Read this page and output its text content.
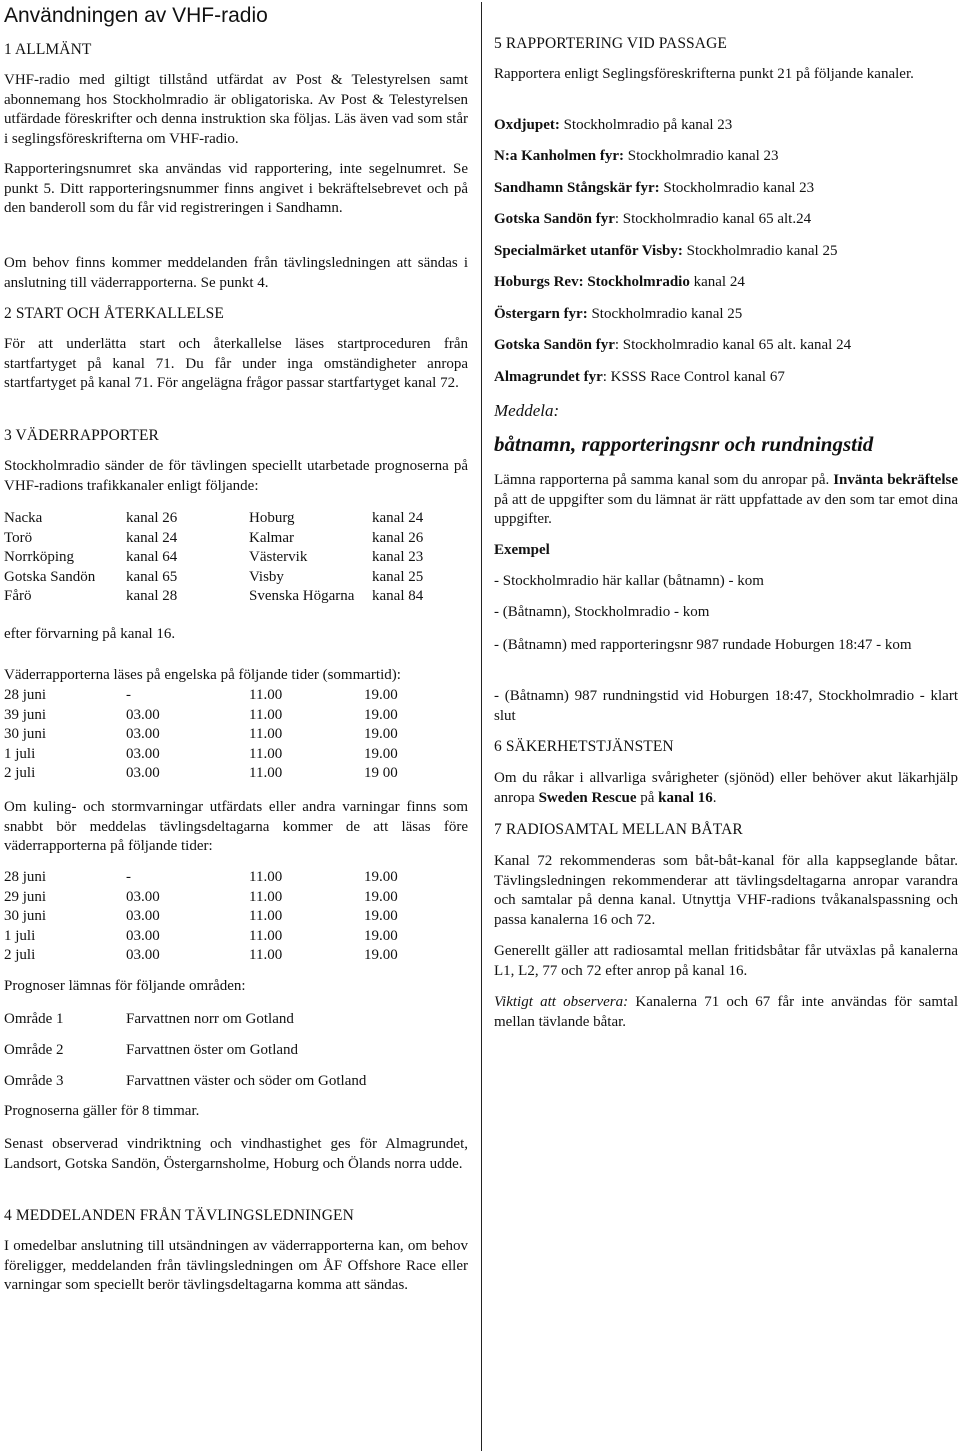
Användningen av VHF-radio
1 ALLMÄNT
VHF-radio med giltigt tillstånd utfärdat av Post & Telestyrelsen samt abonnemang hos Stockholmradio är obligatoriska. Av Post & Telestyrelsen utfärdade föreskrifter och denna instruktion ska följas. Läs även vad som står i seglingsföreskrifterna om VHF-radio.
Rapporteringsnumret ska användas vid rapportering, inte segelnumret. Se punkt 5. Ditt rapporteringsnummer finns angivet i bekräftelsebrevet och på den banderoll som du får vid registreringen i Sandhamn.
Om behov finns kommer meddelanden från tävlingsledningen att sändas i anslutning till väderrapporterna. Se punkt 4.
2 START OCH ÅTERKALLELSE
För att underlätta start och återkallelse läses startproceduren från startfartyget på kanal 71. Du får under inga omständigheter anropa startfartyget på kanal 71. För angelägna frågor passar startfartyget kanal 72.
3 VÄDERRAPPORTER
Stockholmradio sänder de för tävlingen speciellt utarbetade prognoserna på VHF-radions trafikkanaler enligt följande:
Nacka	kanal 26	Hoburg	kanal 24
Torö	kanal 24	Kalmar	kanal 26
Norrköping	kanal 64	Västervik	kanal 23
Gotska Sandön kanal 65	Visby	kanal 25
Fårö	kanal 28	Svenska Högarna kanal 84
efter förvarning på kanal 16.
Väderrapporterna läses på engelska på följande tider (sommartid):
28 juni	-	11.00	19.00
39 juni	03.00	11.00	19.00
30 juni	03.00	11.00	19.00
1 juli	03.00	11.00	19.00
2 juli	03.00	11.00	19 00
Om kuling- och stormvarningar utfärdats eller andra varningar finns som snabbt bör meddelas tävlingsdeltagarna kommer de att läsas före väderrapporterna på följande tider:
28 juni	-	11.00	19.00
29 juni	03.00	11.00	19.00
30 juni	03.00	11.00	19.00
1 juli	03.00	11.00	19.00
2 juli	03.00	11.00	19.00
Prognoser lämnas för följande områden:
Område 1	Farvattnen norr om Gotland
Område 2	Farvattnen öster om Gotland
Område 3	Farvattnen väster och söder om Gotland
Prognoserna gäller för 8 timmar.
Senast observerad vindriktning och vindhastighet ges för Almagrundet, Landsort, Gotska Sandön, Östergarnsholme, Hoburg och Ölands norra udde.
4 MEDDELANDEN FRÅN TÄVLINGSLEDNINGEN
I omedelbar anslutning till utsändningen av väderrapporterna kan, om behov föreligger, meddelanden från tävlingsledningen om ÅF Offshore Race eller varningar som speciellt berör tävlingsdeltagarna komma att sändas.
5 RAPPORTERING VID PASSAGE
Rapportera enligt Seglingsföreskrifterna punkt 21 på följande kanaler.
Oxdjupet: Stockholmradio på kanal 23
N:a Kanholmen fyr: Stockholmradio kanal 23
Sandhamn Stångskär fyr: Stockholmradio kanal 23
Gotska Sandön fyr: Stockholmradio kanal 65 alt.24
Specialmärket utanför Visby: Stockholmradio kanal 25
Hoburgs Rev: Stockholmradio kanal 24
Östergarn fyr: Stockholmradio kanal 25
Gotska Sandön fyr: Stockholmradio kanal 65 alt. kanal 24
Almagrundet fyr: KSSS Race Control kanal 67
Meddela:
båtnamn, rapporteringsnr och rundningstid
Lämna rapporterna på samma kanal som du anropar på. Invänta bekräftelse på att de uppgifter som du lämnat är rätt uppfattade av den som tar emot dina uppgifter.
Exempel
- Stockholmradio här kallar (båtnamn) - kom
- (Båtnamn), Stockholmradio - kom
- (Båtnamn) med rapporteringsnr 987 rundade Hoburgen 18:47 - kom
- (Båtnamn) 987 rundningstid vid Hoburgen 18:47, Stockholmradio - klart slut
6 SÄKERHETSTJÄNSTEN
Om du råkar i allvarliga svårigheter (sjönöd) eller behöver akut läkarhjälp anropa Sweden Rescue på kanal 16.
7 RADIOSAMTAL MELLAN BÅTAR
Kanal 72 rekommenderas som båt-båt-kanal för alla kappseglande båtar. Tävlingsledningen rekommenderar att tävlingsdeltagarna anropar varandra och samtalar på denna kanal. Utnyttja VHF-radions tvåkanalspassning och passa kanalerna 16 och 72.
Generellt gäller att radiosamtal mellan fritidsbåtar får utväxlas på kanalerna L1, L2, 77 och 72 efter anrop på kanal 16.
Viktigt att observera: Kanalerna 71 och 67 får inte användas för samtal mellan tävlande båtar.
